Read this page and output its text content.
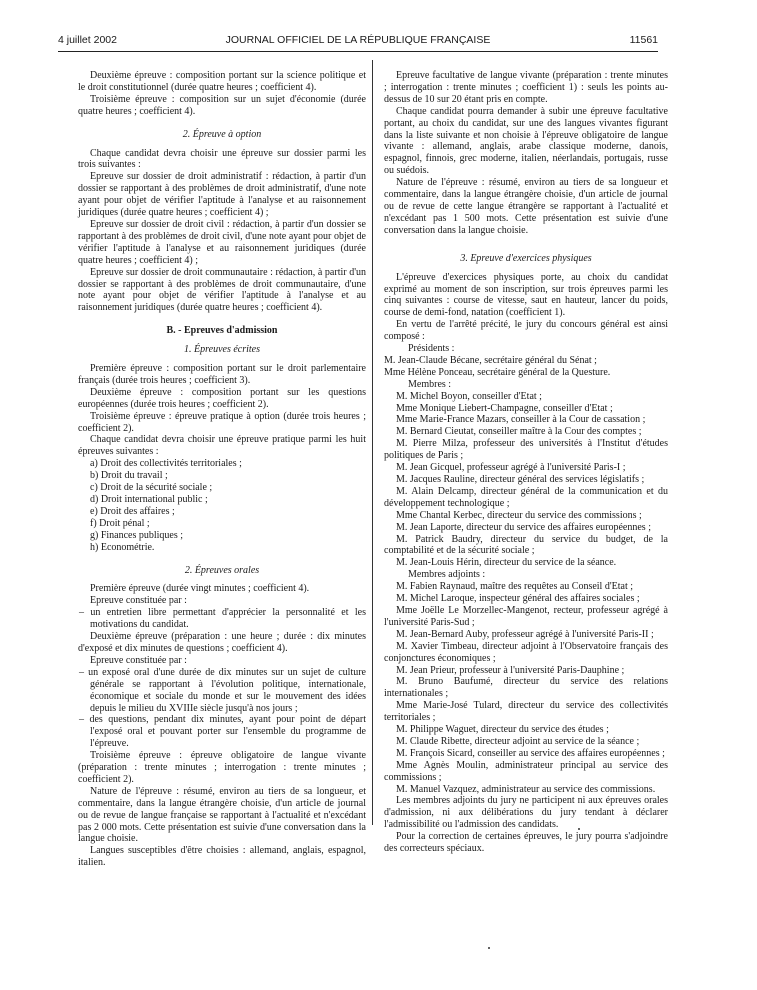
4 juillet 2002	JOURNAL OFFICIEL DE LA RÉPUBLIQUE FRANÇAISE	11561

Deuxième épreuve : composition portant sur la science politique et le droit constitutionnel (durée quatre heures ; coefficient 4).

Troisième épreuve : composition sur un sujet d'économie (durée quatre heures ; coefficient 4).

2. Épreuve à option

Chaque candidat devra choisir une épreuve sur dossier parmi les trois suivantes :

Epreuve sur dossier de droit administratif : rédaction, à partir d'un dossier se rapportant à des problèmes de droit administratif, d'une note ayant pour objet de vérifier l'aptitude à l'analyse et au raisonnement juridiques (durée quatre heures ; coefficient 4) ;

Epreuve sur dossier de droit civil : rédaction, à partir d'un dossier se rapportant à des problèmes de droit civil, d'une note ayant pour objet de vérifier l'aptitude à l'analyse et au raisonnement juridiques (durée quatre heures ; coefficient 4) ;

Epreuve sur dossier de droit communautaire : rédaction, à partir d'un dossier se rapportant à des problèmes de droit communautaire, d'une note ayant pour objet de vérifier l'aptitude à l'analyse et au raisonnement juridiques (durée quatre heures ; coefficient 4).

B. - Epreuves d'admission

1. Épreuves écrites

Première épreuve : composition portant sur le droit parlementaire français (durée trois heures ; coefficient 3).

Deuxième épreuve : composition portant sur les questions européennes (durée trois heures ; coefficient 2).

Troisième épreuve : épreuve pratique à option (durée trois heures ; coefficient 2).

Chaque candidat devra choisir une épreuve pratique parmi les huit épreuves suivantes :

a) Droit des collectivités territoriales ;

b) Droit du travail ;

c) Droit de la sécurité sociale ;

d) Droit international public ;

e) Droit des affaires ;

f) Droit pénal ;

g) Finances publiques ;

h) Econométrie.

2. Épreuves orales

Première épreuve (durée vingt minutes ; coefficient 4).

Epreuve constituée par :

– un entretien libre permettant d'apprécier la personnalité et les motivations du candidat.

Deuxième épreuve (préparation : une heure ; durée : dix minutes d'exposé et dix minutes de questions ; coefficient 4).

Epreuve constituée par :

– un exposé oral d'une durée de dix minutes sur un sujet de culture générale se rapportant à l'évolution politique, internationale, économique et sociale du monde et sur le mouvement des idées depuis le milieu du XVIIIe siècle jusqu'à nos jours ;

– des questions, pendant dix minutes, ayant pour point de départ l'exposé oral et pouvant porter sur l'ensemble du programme de l'épreuve.

Troisième épreuve : épreuve obligatoire de langue vivante (préparation : trente minutes ; interrogation : trente minutes ; coefficient 2).

Nature de l'épreuve : résumé, environ au tiers de sa longueur, et commentaire, dans la langue étrangère choisie, d'un article de journal ou de revue de langue française se rapportant à l'actualité et n'excédant pas 2 000 mots. Cette présentation est suivie d'une conversation dans la langue choisie.

Langues susceptibles d'être choisies : allemand, anglais, espagnol, italien.

Epreuve facultative de langue vivante (préparation : trente minutes ; interrogation : trente minutes ; coefficient 1) : seuls les points au-dessus de 10 sur 20 étant pris en compte.

Chaque candidat pourra demander à subir une épreuve facultative portant, au choix du candidat, sur une des langues vivantes figurant dans la liste suivante et non choisie à l'épreuve obligatoire de langue vivante : allemand, anglais, arabe classique moderne, danois, espagnol, finnois, grec moderne, italien, néerlandais, portugais, russe ou suédois.

Nature de l'épreuve : résumé, environ au tiers de sa longueur et commentaire, dans la langue étrangère choisie, d'un article de journal ou de revue de cette langue étrangère se rapportant à l'actualité et n'excédant pas 1 500 mots. Cette présentation est suivie d'une conversation dans la langue choisie.

3. Epreuve d'exercices physiques

L'épreuve d'exercices physiques porte, au choix du candidat exprimé au moment de son inscription, sur trois épreuves parmi les cinq suivantes : course de vitesse, saut en hauteur, lancer du poids, course de demi-fond, natation (coefficient 1).

En vertu de l'arrêté précité, le jury du concours général est ainsi composé :

Présidents :

M. Jean-Claude Bécane, secrétaire général du Sénat ;

Mme Hélène Ponceau, secrétaire général de la Questure.

Membres :

M. Michel Boyon, conseiller d'Etat ;

Mme Monique Liebert-Champagne, conseiller d'Etat ;

Mme Marie-France Mazars, conseiller à la Cour de cassation ;

M. Bernard Cieutat, conseiller maître à la Cour des comptes ;

M. Pierre Milza, professeur des universités à l'Institut d'études politiques de Paris ;

M. Jean Gicquel, professeur agrégé à l'université Paris-I ;

M. Jacques Rauline, directeur général des services législatifs ;

M. Alain Delcamp, directeur général de la communication et du développement technologique ;

Mme Chantal Kerbec, directeur du service des commissions ;

M. Jean Laporte, directeur du service des affaires européennes ;

M. Patrick Baudry, directeur du service du budget, de la comptabilité et de la sécurité sociale ;

M. Jean-Louis Hérin, directeur du service de la séance.

Membres adjoints :

M. Fabien Raynaud, maître des requêtes au Conseil d'Etat ;

M. Michel Laroque, inspecteur général des affaires sociales ;

Mme Joëlle Le Morzellec-Mangenot, recteur, professeur agrégé à l'université Paris-Sud ;

M. Jean-Bernard Auby, professeur agrégé à l'université Paris-II ;

M. Xavier Timbeau, directeur adjoint à l'Observatoire français des conjonctures économiques ;

M. Jean Prieur, professeur à l'université Paris-Dauphine ;

M. Bruno Baufumé, directeur du service des relations internationales ;

Mme Marie-José Tulard, directeur du service des collectivités territoriales ;

M. Philippe Waguet, directeur du service des études ;

M. Claude Ribette, directeur adjoint au service de la séance ;

M. François Sicard, conseiller au service des affaires européennes ;

Mme Agnès Moulin, administrateur principal au service des commissions ;

M. Manuel Vazquez, administrateur au service des commissions.

Les membres adjoints du jury ne participent ni aux épreuves orales d'admission, ni aux délibérations du jury tendant à déclarer l'admissibilité ou l'admission des candidats.

Pour la correction de certaines épreuves, le jury pourra s'adjoindre des correcteurs spéciaux.
